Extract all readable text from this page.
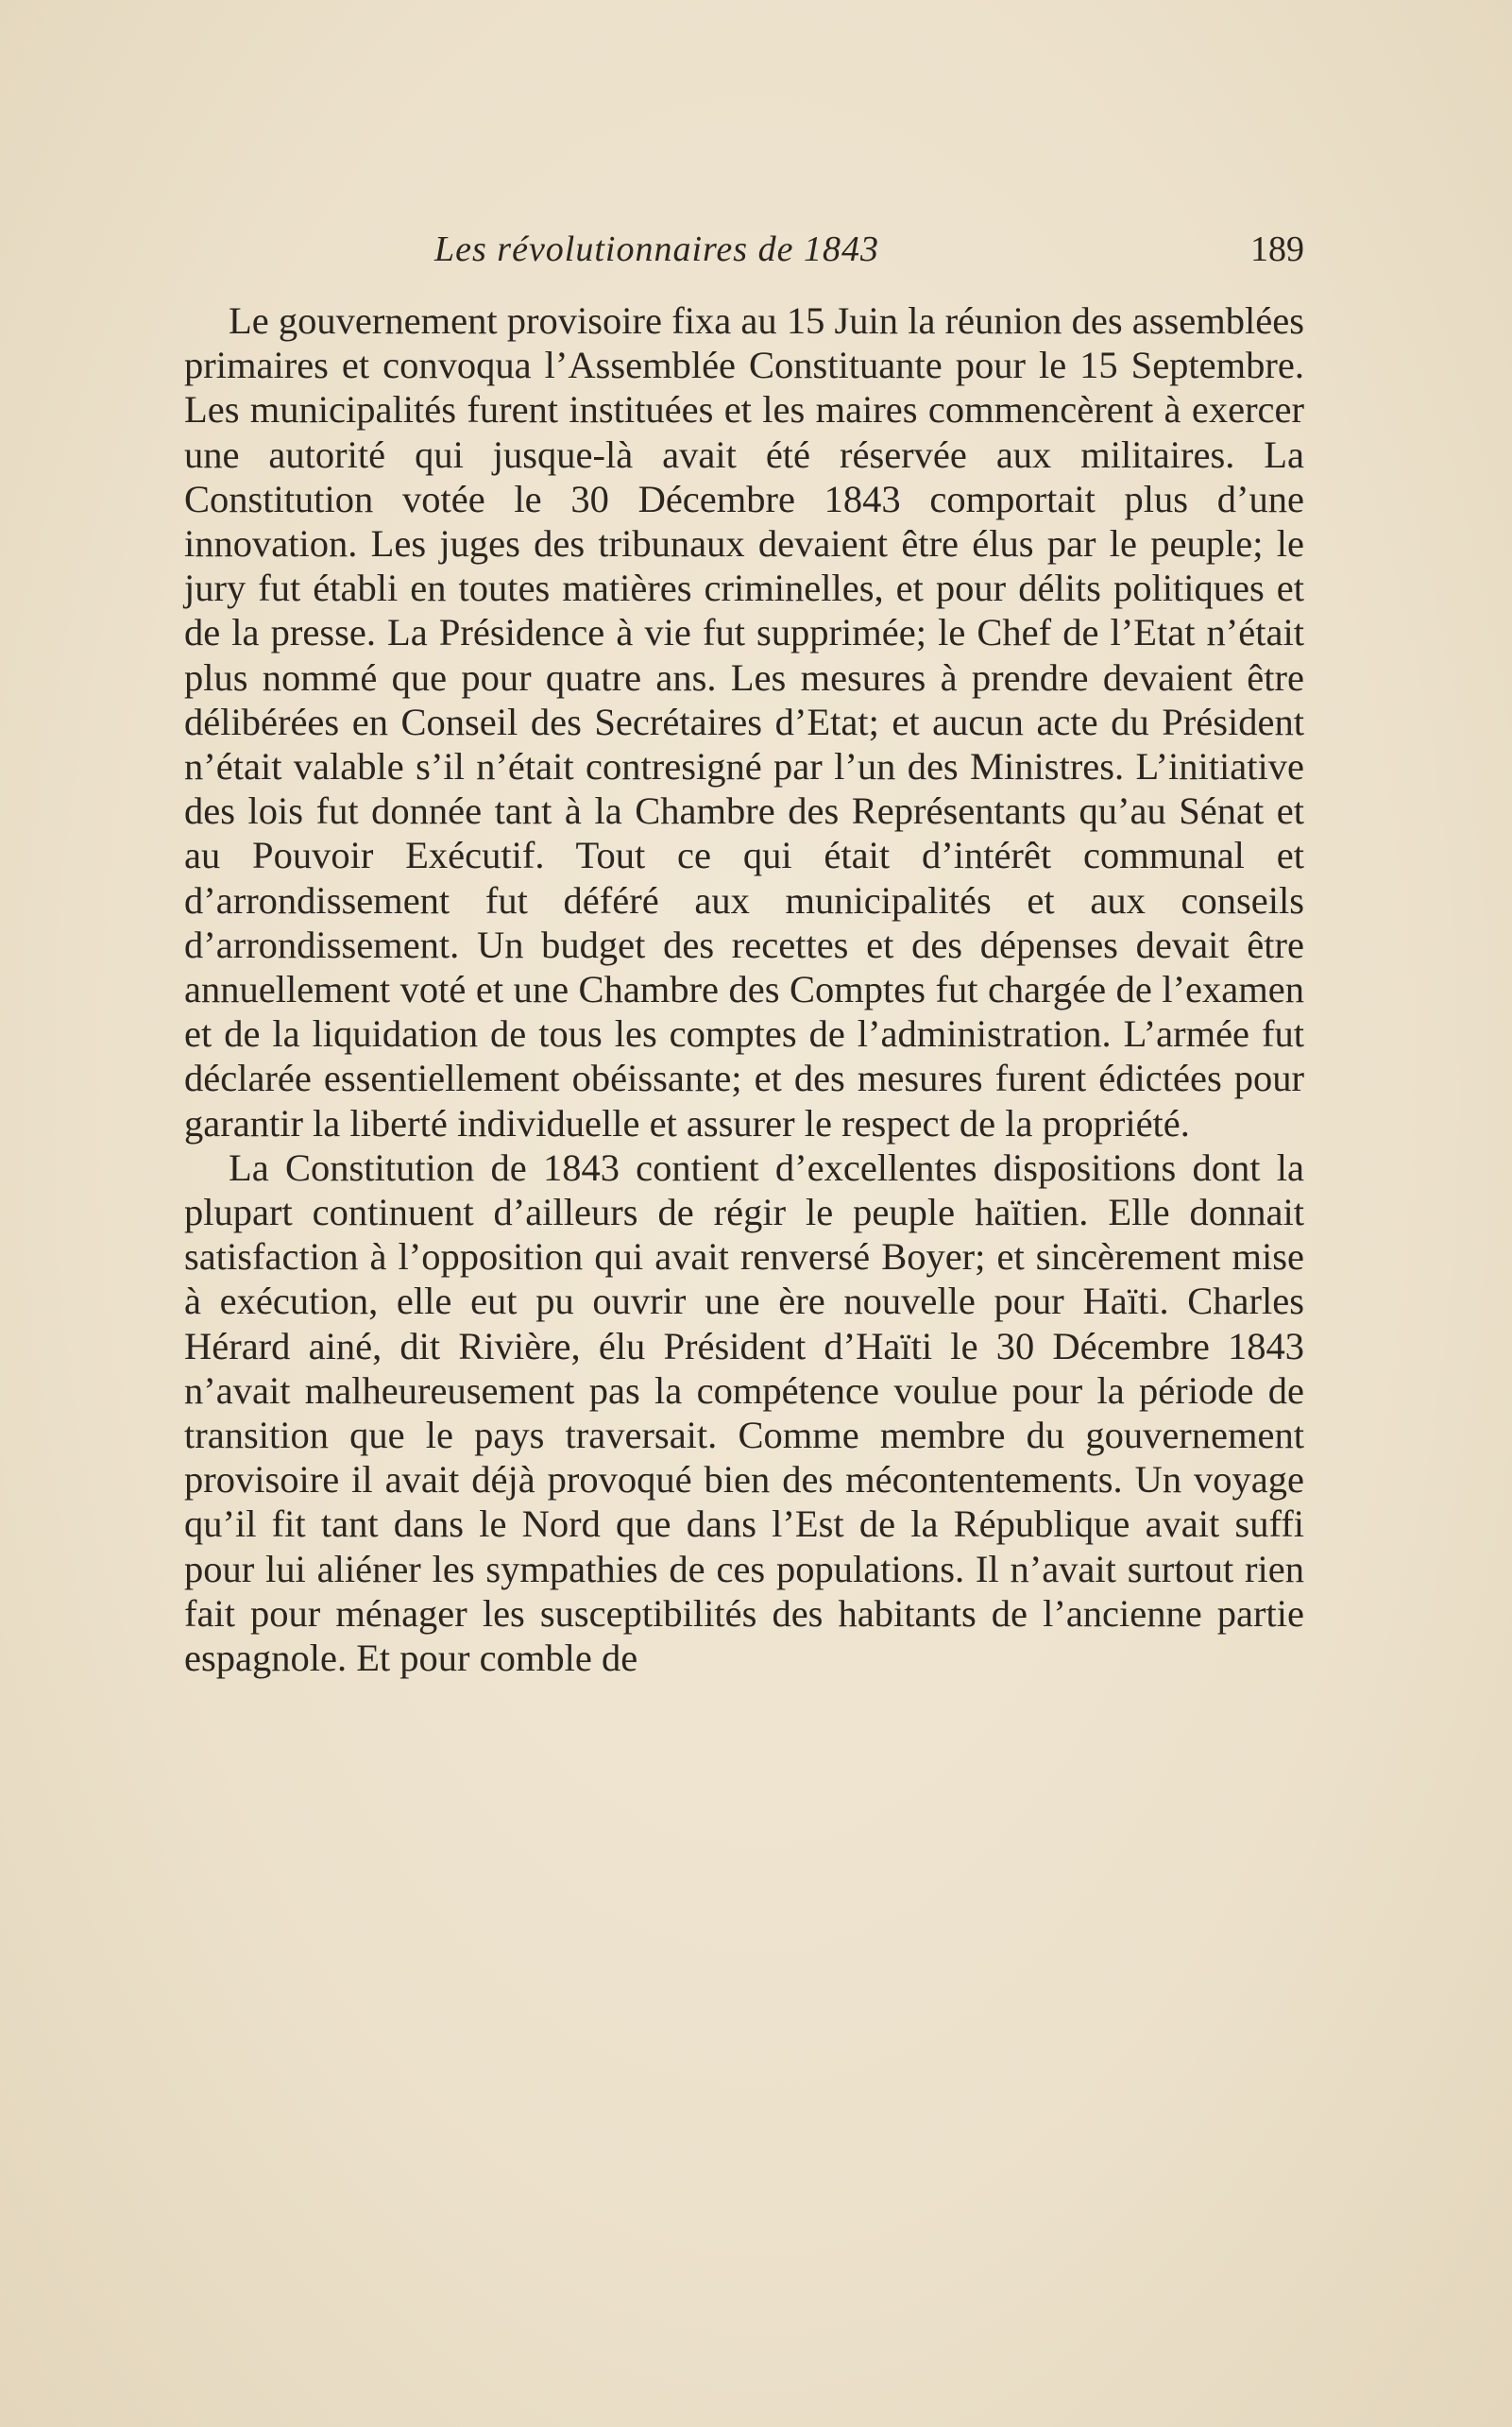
Les révolutionnaires de 1843	189

Le gouvernement provisoire fixa au 15 Juin la réunion des assemblées primaires et convoqua l’Assemblée Constituante pour le 15 Septembre. Les municipalités furent instituées et les maires commencèrent à exercer une autorité qui jusque-là avait été réservée aux militaires. La Constitution votée le 30 Décembre 1843 comportait plus d’une innovation. Les juges des tribunaux devaient être élus par le peuple; le jury fut établi en toutes matières criminelles, et pour délits politiques et de la presse. La Présidence à vie fut supprimée; le Chef de l’Etat n’était plus nommé que pour quatre ans. Les mesures à prendre devaient être délibérées en Conseil des Secrétaires d’Etat; et aucun acte du Président n’était valable s’il n’était contresigné par l’un des Ministres. L’initiative des lois fut donnée tant à la Chambre des Représentants qu’au Sénat et au Pouvoir Exécutif. Tout ce qui était d’intérêt communal et d’arrondissement fut déféré aux municipalités et aux conseils d’arrondissement. Un budget des recettes et des dépenses devait être annuellement voté et une Chambre des Comptes fut chargée de l’examen et de la liquidation de tous les comptes de l’administration. L’armée fut déclarée essentiellement obéissante; et des mesures furent édictées pour garantir la liberté individuelle et assurer le respect de la propriété.

La Constitution de 1843 contient d’excellentes dispositions dont la plupart continuent d’ailleurs de régir le peuple haïtien. Elle donnait satisfaction à l’opposition qui avait renversé Boyer; et sincèrement mise à exécution, elle eut pu ouvrir une ère nouvelle pour Haïti. Charles Hérard ainé, dit Rivière, élu Président d’Haïti le 30 Décembre 1843 n’avait malheureusement pas la compétence voulue pour la période de transition que le pays traversait. Comme membre du gouvernement provisoire il avait déjà provoqué bien des mécontentements. Un voyage qu’il fit tant dans le Nord que dans l’Est de la République avait suffi pour lui aliéner les sympathies de ces populations. Il n’avait surtout rien fait pour ménager les susceptibilités des habitants de l’ancienne partie espagnole. Et pour comble de
